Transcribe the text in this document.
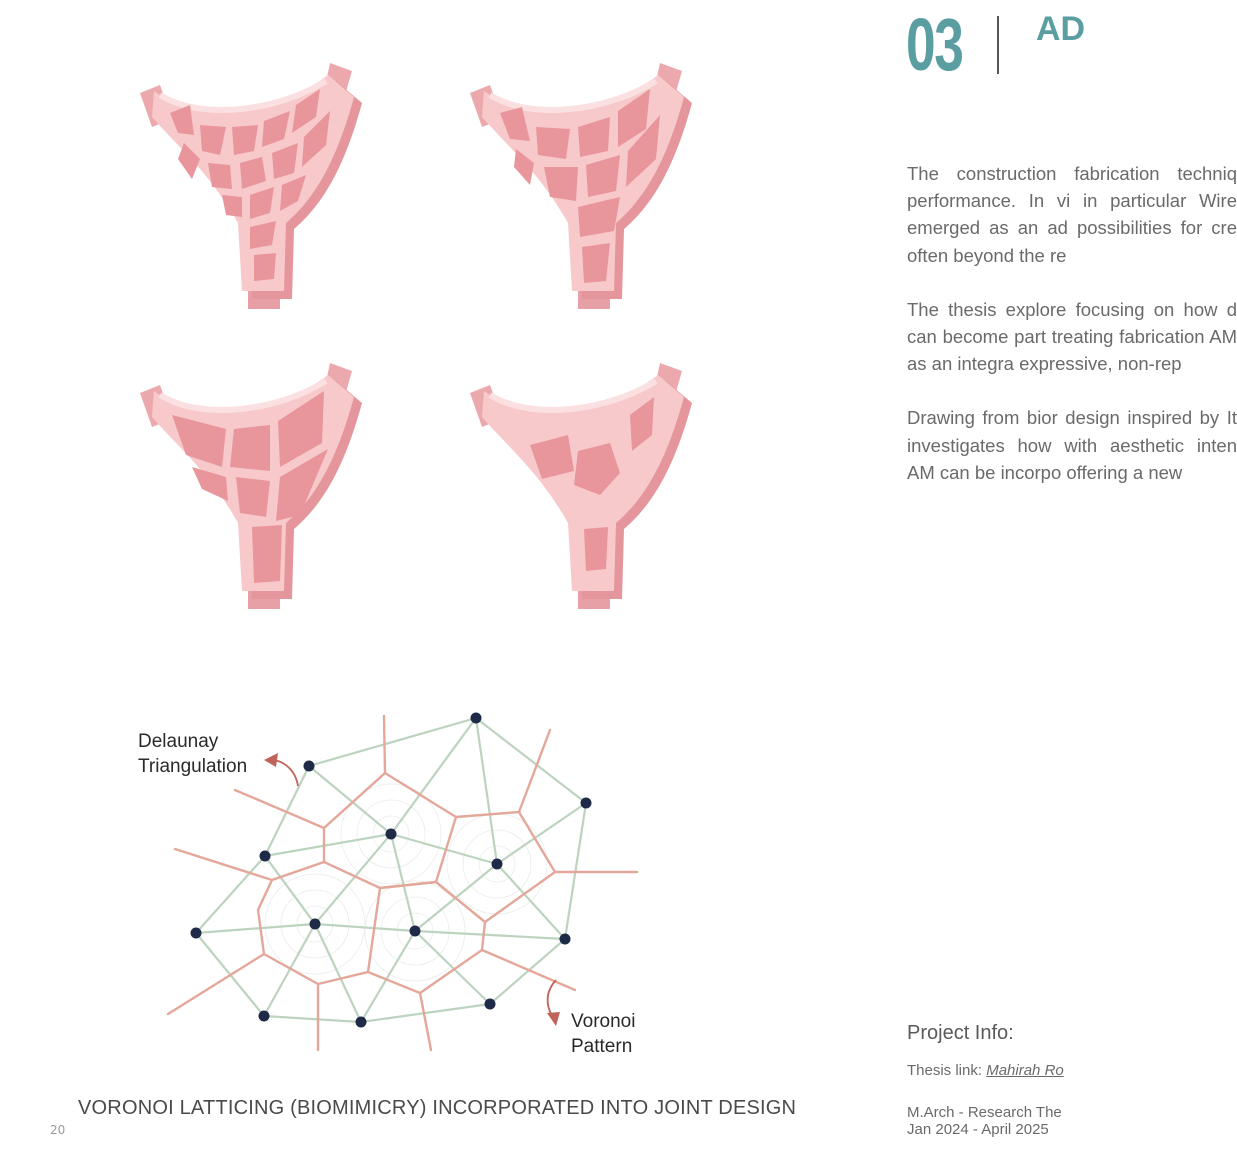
Delaunay
Triangulation
Voronoi
Pattern
VORONOI LATTICING (BIOMIMICRY) INCORPORATED INTO JOINT DESIGN
20
03 AD

The construction fabrication techniq performance. In vi in particular Wire emerged as an ad possibilities for cre often beyond the re

The thesis explore focusing on how d can become part treating fabrication AM as an integra expressive, non-rep

Drawing from bior design inspired by It investigates how with aesthetic inten AM can be incorpo offering a new

Project Info:
Thesis link: Mahirah Ro
M.Arch - Research The
Jan 2024 - April 2025
